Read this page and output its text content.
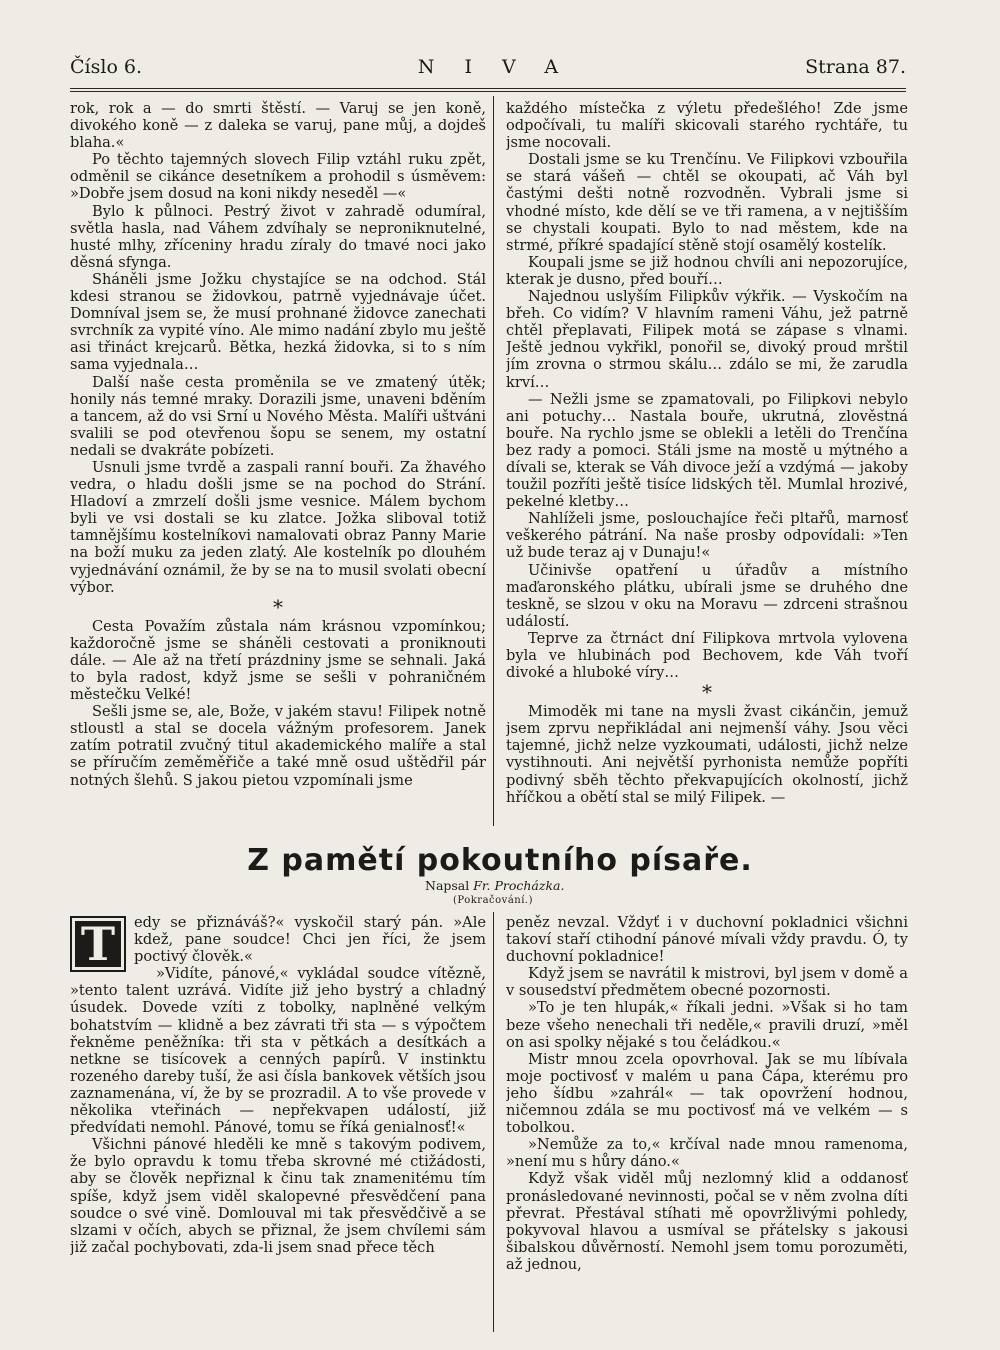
Číslo 6.	NIVA	Strana 87.

rok, rok a — do smrti štěstí. — Varuj se jen koně, divokého koně — z daleka se varuj, pane můj, a dojdeš blaha.«

Po těchto tajemných slovech Filip vztáhl ruku zpět, odměnil se cikánce desetníkem a prohodil s úsměvem: »Dobře jsem dosud na koni nikdy neseděl —«

Bylo k půlnoci. Pestrý život v zahradě odumíral, světla hasla, nad Váhem zdvíhaly se neproniknutelné, husté mlhy, zříceniny hradu zíraly do tmavé noci jako děsná sfynga.

Sháněli jsme Jožku chystajíce se na odchod. Stál kdesi stranou se židovkou, patrně vyjednávaje účet. Domníval jsem se, že musí prohnané židovce zanechati svrchník za vypité víno. Ale mimo nadání zbylo mu ještě asi třináct krejcarů. Bětka, hezká židovka, si to s ním sama vyjednala…

Další naše cesta proměnila se ve zmatený útěk; honily nás temné mraky. Dorazili jsme, unaveni bděním a tancem, až do vsi Srní u Nového Města. Malíři uštváni svalili se pod otevřenou šopu se senem, my ostatní nedali se dvakráte pobízeti.

Usnuli jsme tvrdě a zaspali ranní bouři. Za žhavého vedra, o hladu došli jsme se na pochod do Strání. Hladoví a zmrzelí došli jsme vesnice. Málem bychom byli ve vsi dostali se ku zlatce. Jožka sliboval totiž tamnějšímu kostelníkovi namalovati obraz Panny Marie na boží muku za jeden zlatý. Ale kostelník po dlouhém vyjednávání oznámil, že by se na to musil svolati obecní výbor.

*

Cesta Považím zůstala nám krásnou vzpomínkou; každoročně jsme se sháněli cestovati a proniknouti dále. — Ale až na třetí prázdniny jsme se sehnali. Jaká to byla radost, když jsme se sešli v pohraničném městečku Velké!

Sešli jsme se, ale, Bože, v jakém stavu! Filipek notně stloustl a stal se docela vážným profesorem. Janek zatím potratil zvučný titul akademického malíře a stal se příručím zeměměřiče a také mně osud uštědřil pár notných šlehů. S jakou pietou vzpomínali jsme

každého místečka z výletu předešlého! Zde jsme odpočívali, tu malíři skicovali starého rychtáře, tu jsme nocovali.

Dostali jsme se ku Trenčínu. Ve Filipkovi vzbouřila se stará vášeň — chtěl se okoupati, ač Váh byl častými dešti notně rozvodněn. Vybrali jsme si vhodné místo, kde dělí se ve tři ramena, a v nejtišším se chystali koupati. Bylo to nad městem, kde na strmé, příkré spadající stěně stojí osamělý kostelík.

Koupali jsme se již hodnou chvíli ani nepozorujíce, kterak je dusno, před bouří…

Najednou uslyším Filipkův výkřik. — Vyskočím na břeh. Co vidím? V hlavním rameni Váhu, jež patrně chtěl přeplavati, Filipek motá se zápase s vlnami. Ještě jednou vykřikl, ponořil se, divoký proud mrštil jím zrovna o strmou skálu… zdálo se mi, že zarudla krví…

— Nežli jsme se zpamatovali, po Filipkovi nebylo ani potuchy… Nastala bouře, ukrutná, zlověstná bouře. Na rychlo jsme se oblekli a letěli do Trenčína bez rady a pomoci. Stáli jsme na mostě u mýtného a dívali se, kterak se Váh divoce ježí a vzdýmá — jakoby toužil pozříti ještě tisíce lidských těl. Mumlal hrozivé, pekelné kletby…

Nahlíželi jsme, poslouchajíce řeči pltařů, marnosť veškerého pátrání. Na naše prosby odpovídali: »Ten už bude teraz aj v Dunaju!«

Učinivše opatření u úřadův a místního maďaronského plátku, ubírali jsme se druhého dne teskně, se slzou v oku na Moravu — zdrceni strašnou událostí.

Teprve za čtrnáct dní Filipkova mrtvola vylovena byla ve hlubinách pod Bechovem, kde Váh tvoří divoké a hluboké víry…

*

Mimoděk mi tane na mysli žvast cikánčin, jemuž jsem zprvu nepřikládal ani nejmenší váhy. Jsou věci tajemné, jichž nelze vyzkoumati, události, jichž nelze vystihnouti. Ani největší pyrhonista nemůže popříti podivný sběh těchto překvapujících okolností, jichž hříčkou a obětí stal se milý Filipek. —

Z pamětí pokoutního písaře.
Napsal Fr. Procházka.
(Pokračování.)

T	edy se přiznáváš?« vyskočil starý pán. »Ale kdež, pane soudce! Chci jen říci, že jsem poctivý člověk.«

»Vidíte, pánové,« vykládal soudce vítězně, »tento talent uzrává. Vidíte již jeho bystrý a chladný úsudek. Dovede vzíti z tobolky, naplněné velkým bohatstvím — klidně a bez závrati tři sta — s výpočtem řekněme peněžníka: tři sta v pětkách a desítkách a netkne se tisícovek a cenných papírů. V instinktu rozeného dareby tuší, že asi čísla bankovek větších jsou zaznamenána, ví, že by se prozradil. A to vše provede v několika vteřinách — nepřekvapen událostí, již předvídati nemohl. Pánové, tomu se říká genialnosť!«

Všichni pánové hleděli ke mně s takovým podivem, že bylo opravdu k tomu třeba skrovné mé ctižádosti, aby se člověk nepřiznal k činu tak znamenitému tím spíše, když jsem viděl skalopevné přesvědčení pana soudce o své vině. Domlouval mi tak přesvědčivě a se slzami v očích, abych se přiznal, že jsem chvílemi sám již začal pochybovati, zda-li jsem snad přece těch

peněz nevzal. Vždyť i v duchovní pokladnici všichni takoví staří ctihodní pánové mívali vždy pravdu. Ó, ty duchovní pokladnice!

Když jsem se navrátil k mistrovi, byl jsem v domě a v sousedství předmětem obecné pozornosti.

»To je ten hlupák,« říkali jedni. »Však si ho tam beze všeho nenechali tři neděle,« pravili druzí, »měl on asi spolky nějaké s tou čeládkou.«

Mistr mnou zcela opovrhoval. Jak se mu líbívala moje poctivosť v malém u pana Čápa, kterému pro jeho šídbu »zahrál« — tak opovržení hodnou, ničemnou zdála se mu poctivosť má ve velkém — s tobolkou.

»Nemůže za to,« krčíval nade mnou ramenoma, »není mu s hůry dáno.«

Když však viděl můj nezlomný klid a oddanosť pronásledované nevinnosti, počal se v něm zvolna díti převrat. Přestával stíhati mě opovržlivými pohledy, pokyvoval hlavou a usmíval se přátelsky s jakousi šibalskou důvěrností. Nemohl jsem tomu porozuměti, až jednou,
